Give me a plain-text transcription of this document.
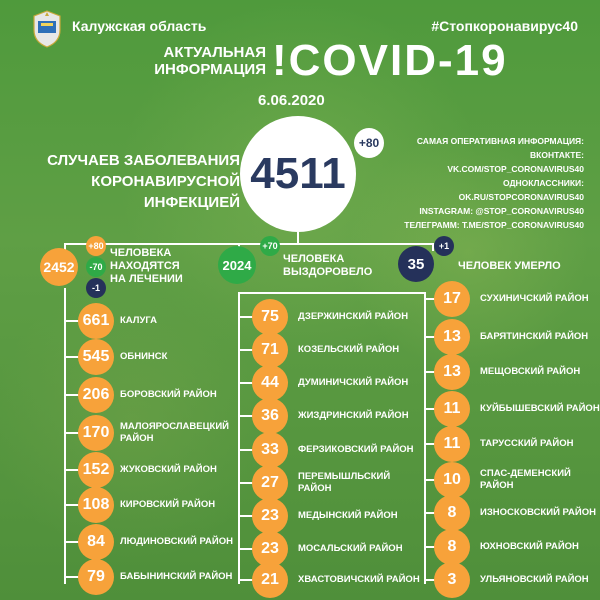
Калужская область	#Стопкоронавирус40
АКТУАЛЬНАЯ
ИНФОРМАЦИЯ !COVID-19
6.06.2020
СЛУЧАЕВ ЗАБОЛЕВАНИЯ
КОРОНАВИРУСНОЙ ИНФЕКЦИЕЙ
4511
+80	САМАЯ ОПЕРАТИВНАЯ ИНФОРМАЦИЯ:
ВКОНТАКТЕ: VK.COM/STOP_CORONAVIRUS40
ОДНОКЛАССНИКИ: OK.RU/STOPCORONAVIRUS40
INSTAGRAM: @STOP_CORONAVIRUS40
ТЕЛЕГРАММ: T.ME/STOP_CORONAVIRUS40
2452
+80
-70
-1
ЧЕЛОВЕКА
НАХОДЯТСЯ
НА ЛЕЧЕНИИ
2024
+70
ЧЕЛОВЕКА
ВЫЗДОРОВЕЛО	35
+1
ЧЕЛОВЕК УМЕРЛО
661	КАЛУГА
545	ОБНИНСК
206	БОРОВСКИЙ РАЙОН
170	МАЛОЯРОСЛАВЕЦКИЙ РАЙОН
152	ЖУКОВСКИЙ РАЙОН
108	КИРОВСКИЙ РАЙОН
84	ЛЮДИНОВСКИЙ РАЙОН
79	БАБЫНИНСКИЙ РАЙОН
75	ДЗЕРЖИНСКИЙ РАЙОН
71	КОЗЕЛЬСКИЙ РАЙОН
44	ДУМИНИЧСКИЙ РАЙОН
36	ЖИЗДРИНСКИЙ РАЙОН
33	ФЕРЗИКОВСКИЙ РАЙОН
27	ПЕРЕМЫШЛЬСКИЙ РАЙОН
23	МЕДЫНСКИЙ РАЙОН
23	МОСАЛЬСКИЙ РАЙОН
21	ХВАСТОВИЧСКИЙ РАЙОН
17	СУХИНИЧСКИЙ РАЙОН
13	БАРЯТИНСКИЙ РАЙОН
13	МЕЩОВСКИЙ РАЙОН
11	КУЙБЫШЕВСКИЙ РАЙОН
11	ТАРУССКИЙ РАЙОН
10	СПАС-ДЕМЕНСКИЙ РАЙОН
8	ИЗНОСКОВСКИЙ РАЙОН
8	ЮХНОВСКИЙ РАЙОН
3	УЛЬЯНОВСКИЙ РАЙОН
